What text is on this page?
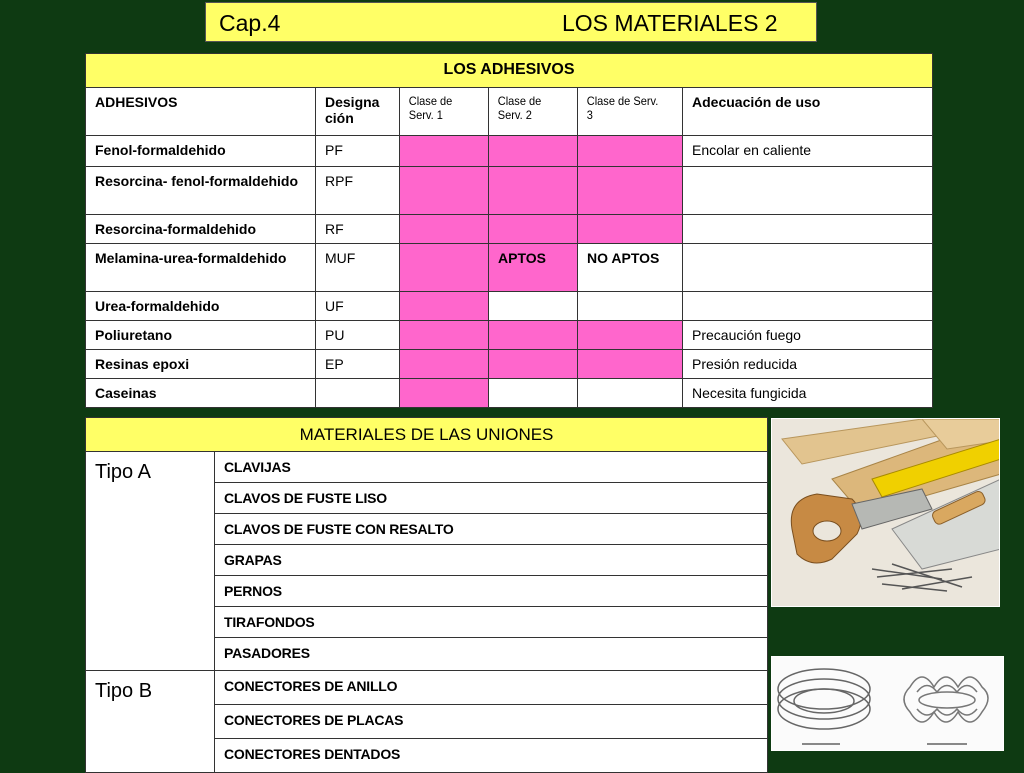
Cap.4	LOS MATERIALES 2
LOS ADHESIVOS					
ADHESIVOS	Designa ción	Clase de Serv. 1	Clase de Serv. 2	Clase de Serv. 3	Adecuación de uso
Fenol-formaldehido	PF				Encolar en caliente
Resorcina- fenol-formaldehido	RPF				
Resorcina-formaldehido	RF				
Melamina-urea-formaldehido	MUF		APTOS	NO APTOS	
Urea-formaldehido	UF				
Poliuretano	PU				Precaución fuego
Resinas epoxi	EP				Presión reducida
Caseinas					Necesita fungicida
MATERIALES DE LAS UNIONES	
Tipo A	CLAVIJAS
	CLAVOS DE FUSTE LISO
	CLAVOS DE FUSTE CON RESALTO
	GRAPAS
	PERNOS
	TIRAFONDOS
	PASADORES
Tipo B	CONECTORES DE ANILLO
	CONECTORES DE PLACAS
	CONECTORES DENTADOS
